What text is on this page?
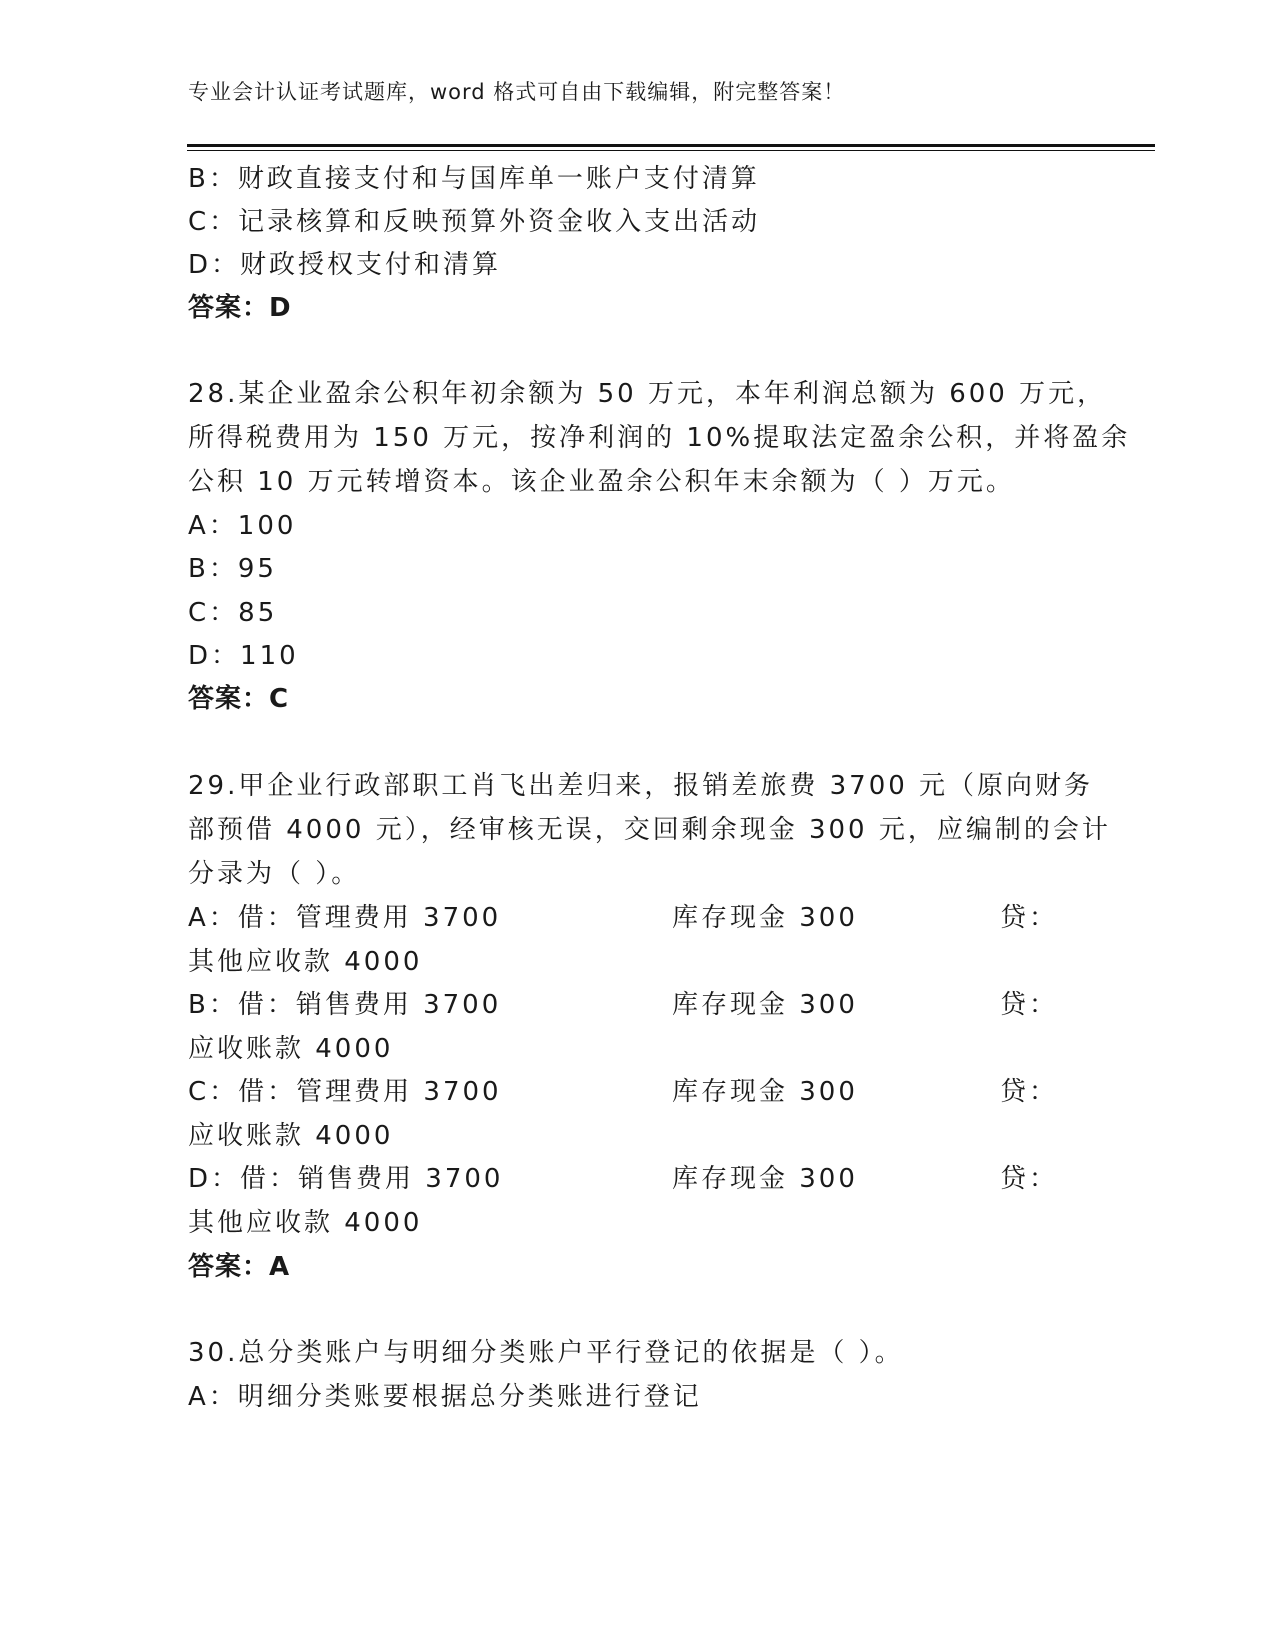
专业会计认证考试题库，word 格式可自由下载编辑，附完整答案！
B：财政直接支付和与国库单一账户支付清算
C：记录核算和反映预算外资金收入支出活动
D：财政授权支付和清算
答案：D
28.某企业盈余公积年初余额为 50 万元，本年利润总额为 600 万元，
所得税费用为 150 万元，按净利润的 10%提取法定盈余公积，并将盈余
公积 10 万元转增资本。该企业盈余公积年末余额为（ ）万元。
A：100
B：95
C：85
D：110
答案：C
29.甲企业行政部职工肖飞出差归来，报销差旅费 3700 元（原向财务
部预借 4000 元），经审核无误，交回剩余现金 300 元，应编制的会计
分录为（ ）。
A：借：管理费用 3700	库存现金 300	贷：
其他应收款 4000
B：借：销售费用 3700	库存现金 300	贷：
应收账款 4000
C：借：管理费用 3700	库存现金 300	贷：
应收账款 4000
D：借：销售费用 3700	库存现金 300	贷：
其他应收款 4000
答案：A
30.总分类账户与明细分类账户平行登记的依据是（ ）。
A：明细分类账要根据总分类账进行登记
